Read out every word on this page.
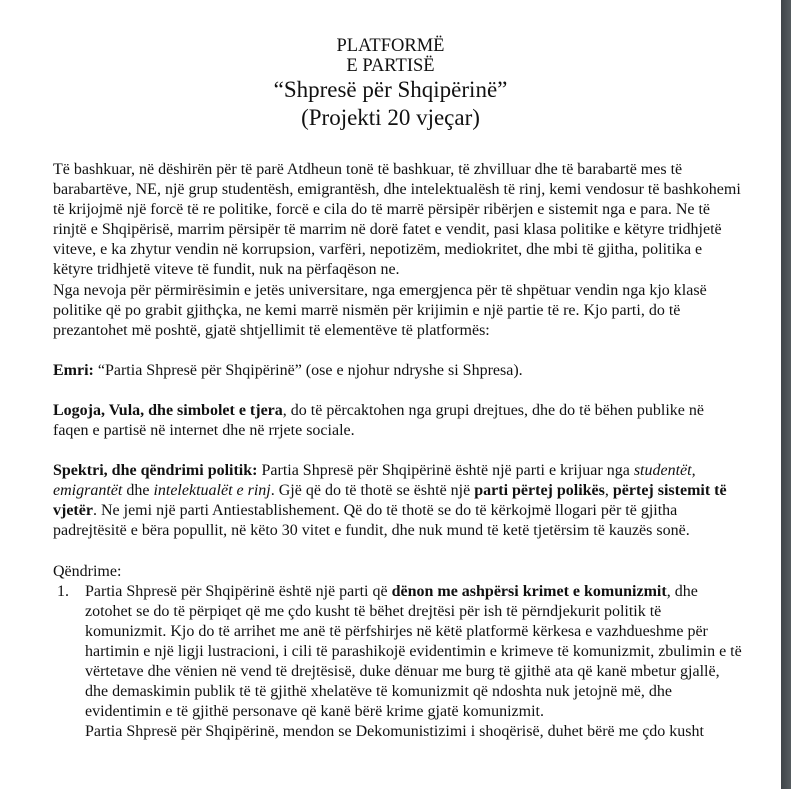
PLATFORMË
E PARTISË
“Shpresë për Shqipërinë”
(Projekti 20 vjeçar)

Të bashkuar, në dëshirën për të parë Atdheun tonë të bashkuar, të zhvilluar dhe të barabartë mes të barabartëve, NE, një grup studentësh, emigrantësh, dhe intelektualësh të rinj, kemi vendosur të bashkohemi të krijojmë një forcë të re politike, forcë e cila do të marrë përsipër ribërjen e sistemit nga e para. Ne të rinjtë e Shqipërisë, marrim përsipër të marrim në dorë fatet e vendit, pasi klasa politike e këtyre tridhjetë viteve, e ka zhytur vendin në korrupsion, varfëri, nepotizëm, mediokritet, dhe mbi të gjitha, politika e këtyre tridhjetë viteve të fundit, nuk na përfaqëson ne.

Nga nevoja për përmirësimin e jetës universitare, nga emergjenca për të shpëtuar vendin nga kjo klasë politike që po grabit gjithçka, ne kemi marrë nismën për krijimin e një partie të re. Kjo parti, do të prezantohet më poshtë, gjatë shtjellimit të elementëve të platformës:

Emri: “Partia Shpresë për Shqipërinë” (ose e njohur ndryshe si Shpresa).

Logoja, Vula, dhe simbolet e tjera, do të përcaktohen nga grupi drejtues, dhe do të bëhen publike në faqen e partisë në internet dhe në rrjete sociale.

Spektri, dhe qëndrimi politik: Partia Shpresë për Shqipërinë është një parti e krijuar nga studentët, emigrantët dhe intelektualët e rinj. Gjë që do të thotë se është një parti përtej polikës, përtej sistemit të vjetër. Ne jemi një parti Antiestablishement. Që do të thotë se do të kërkojmë llogari për të gjitha padrejtësitë e bëra popullit, në këto 30 vitet e fundit, dhe nuk mund të ketë tjetërsim të kauzës sonë.

Qëndrime:

1. Partia Shpresë për Shqipërinë është një parti që dënon me ashpërsi krimet e komunizmit, dhe zotohet se do të përpiqet që me çdo kusht të bëhet drejtësi për ish të përndjekurit politik të komunizmit. Kjo do të arrihet me anë të përfshirjes në këtë platformë kërkesa e vazhdueshme për hartimin e një ligji lustracioni, i cili të parashikojë evidentimin e krimeve të komunizmit, zbulimin e të vërtetave dhe vënien në vend të drejtësisë, duke dënuar me burg të gjithë ata që kanë mbetur gjallë, dhe demaskimin publik të të gjithë xhelatëve të komunizmit që ndoshta nuk jetojnë më, dhe evidentimin e të gjithë personave që kanë bërë krime gjatë komunizmit.

Partia Shpresë për Shqipërinë, mendon se Dekomunistizimi i shoqërisë, duhet bërë me çdo kusht
